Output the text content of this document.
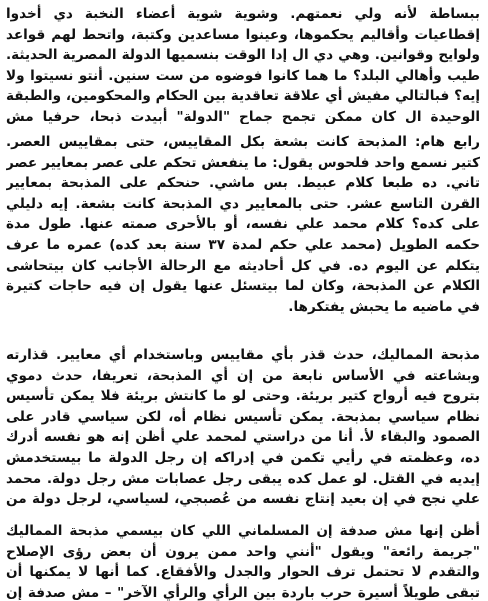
ببساطة لأنه ولي نعمتهم. وشوية شوية أعضاء النخبة دي أخدوا إقطاعيات وأقاليم يحكموها، وعينوا مساعدين وكتبة، واتحط لهم قواعد ولوايح وقوانين. وهي دي ال إدا الوقت بنسميها الدولة المصرية الحديثة. طيب وأهالي البلد؟ ما هما كانوا فوضوه من ست سنين. أنتو نسيتوا ولا إيه؟ فبالتالي مفيش أي علاقة تعاقدية بين الحكام والمحكومين، والطبقة الوحيدة ال كان ممكن تجمح جماح "الدولة" أبيدت ذبحا، حرفيا مش

رابع هام: المذبحة كانت بشعة بكل المقاييس، حتى بمقاييس العصر. كتير نسمع واحد فلحوس يقول: ما ينفعش تحكم على عصر بمعايير عصر تاني. ده طبعا كلام عبيط. بس ماشي. حنحكم على المذبحة بمعايير القرن التاسع عشر. حتى بالمعايير دي المذبحة كانت بشعة. إيه دليلي على كده؟ كلام محمد علي نفسه، أو بالأحرى صمته عنها. طول مدة حكمه الطويل (محمد علي حكم لمدة ٣٧ سنة بعد كده) عمره ما عرف يتكلم عن اليوم ده. في كل أحاديثه مع الرحالة الأجانب كان بيتحاشى الكلام عن المذبحة، وكان لما بيتسئل عنها يقول إن فيه حاجات كتيرة في ماضيه ما يحبش يفتكرها.

مذبحة المماليك، حدث قذر بأي مقاييس وباستخدام أي معايير. قذارته وبشاعته في الأساس نابعة من إن أي المذبحة، تعريفا، حدث دموي بتروح فيه أرواح كتير بريئة. وحتى لو ما كانتش بريئة فلا يمكن تأسيس نظام سياسي بمذبحة. يمكن تأسيس نظام أه، لكن سياسي قادر على الصمود والبقاء لأ. أنا من دراستي لمحمد علي أظن إنه هو نفسه أدرك ده، وعظمته في رأيي تكمن في إدراكه إن رجل الدولة ما بيستخدمش إيديه في القتل. لو عمل كده يبقى رجل عصابات مش رجل دولة. محمد علي نجح في إن بعيد إنتاج نفسه من عُصبجي، لسياسي، لرجل دولة من

أظن إنها مش صدفة إن المسلماني اللي كان بيسمي مذبحة المماليك "جريمة رائعة" ويقول "أنني واحد ممن يرون أن بعض رؤى الإصلاح والتقدم لا تحتمل ترف الحوار والجدل والأفقاع. كما أنها لا يمكنها أن تبقى طويلاً أسيرة حرب باردة بين الرأي والرأي الآخر" – مش صدفة إن
